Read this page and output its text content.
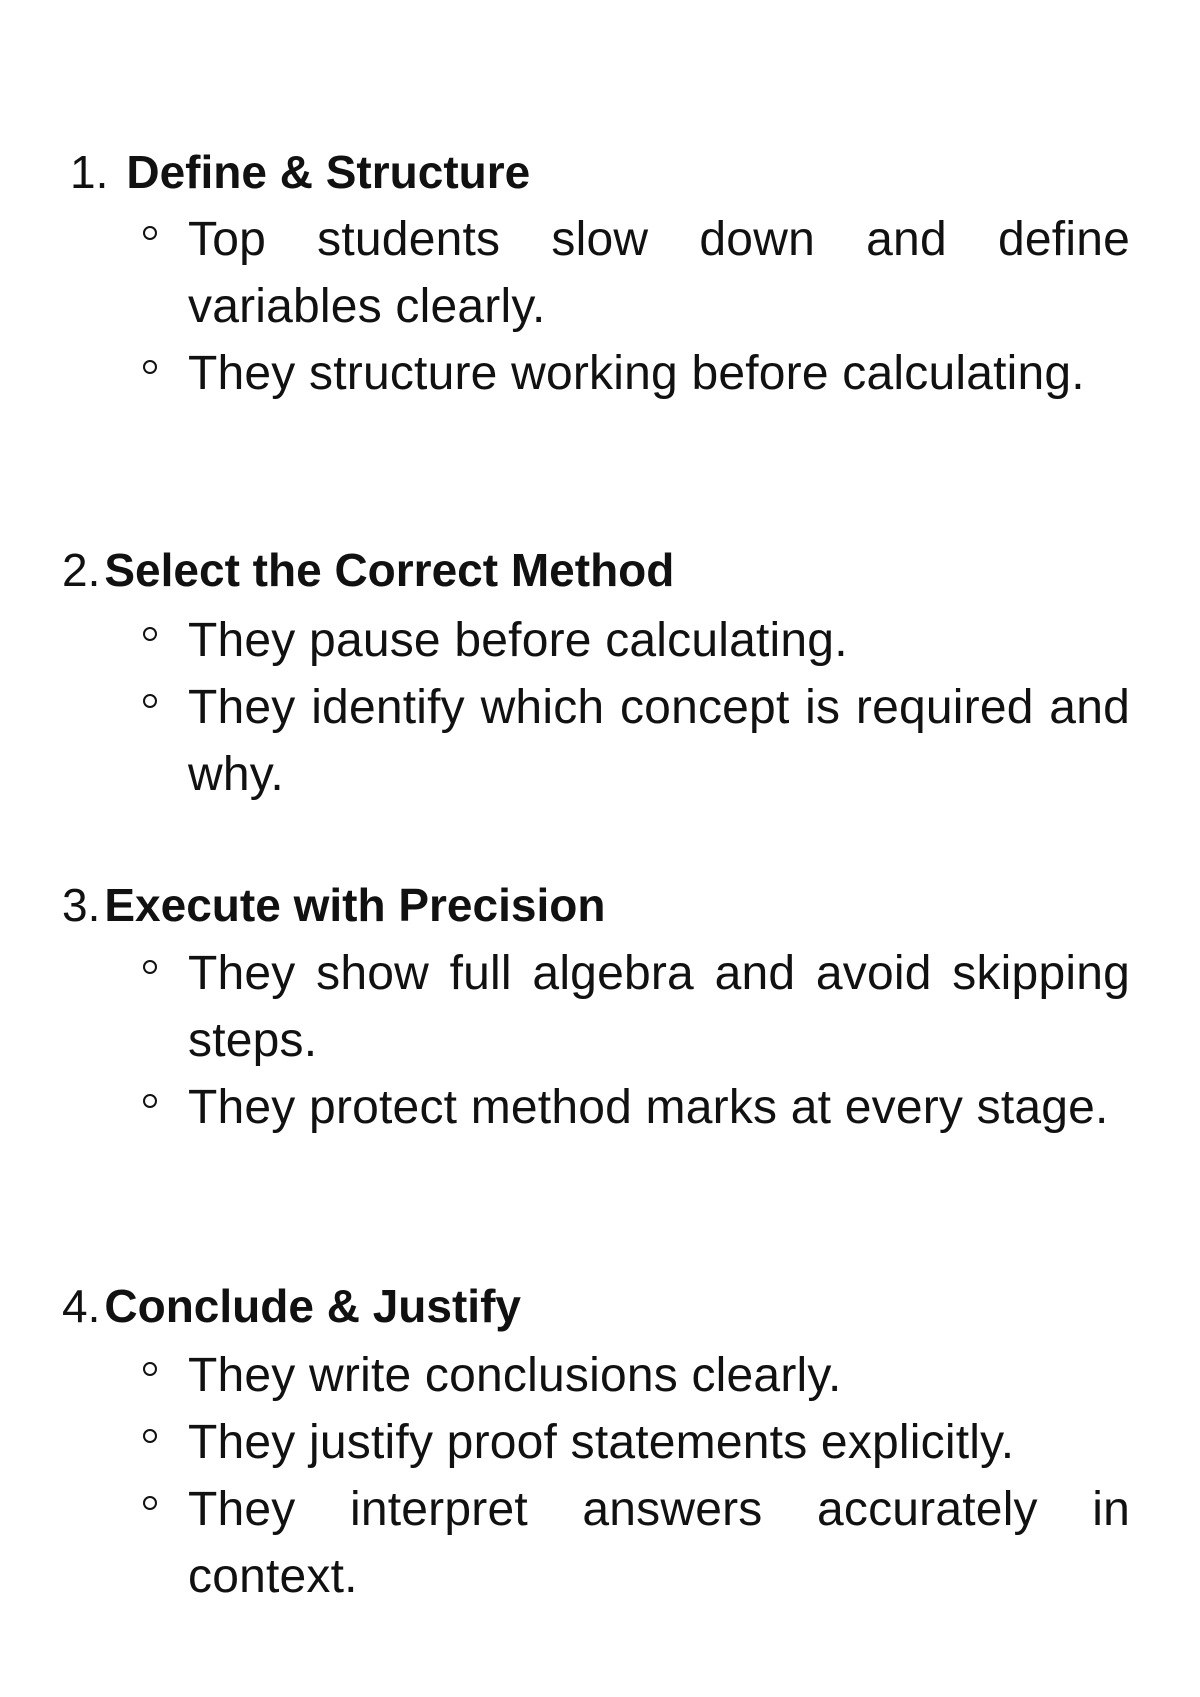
1. Define & Structure
Top students slow down and define variables clearly.
They structure working before calculating.
2.Select the Correct Method
They pause before calculating.
They identify which concept is required and why.
3.Execute with Precision
They show full algebra and avoid skipping steps.
They protect method marks at every stage.
4.Conclude & Justify
They write conclusions clearly.
They justify proof statements explicitly.
They interpret answers accurately in context.
